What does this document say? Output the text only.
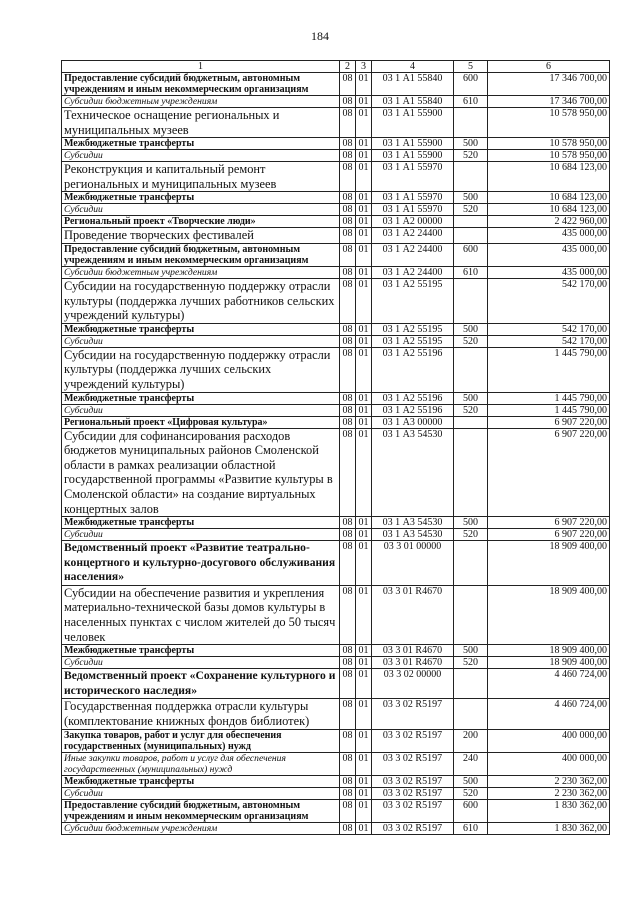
184
1	2	3	4	5	6
Предоставление субсидий бюджетным, автономным учреждениям и иным некоммерческим организациям	08	01	03 1 А1 55840	600	17 346 700,00
Субсидии бюджетным учреждениям	08	01	03 1 А1 55840	610	17 346 700,00
Техническое оснащение региональных и муниципальных музеев	08	01	03 1 А1 55900		10 578 950,00
Межбюджетные трансферты	08	01	03 1 А1 55900	500	10 578 950,00
Субсидии	08	01	03 1 А1 55900	520	10 578 950,00
Реконструкция и капитальный ремонт региональных и муниципальных музеев	08	01	03 1 А1 55970		10 684 123,00
Межбюджетные трансферты	08	01	03 1 А1 55970	500	10 684 123,00
Субсидии	08	01	03 1 А1 55970	520	10 684 123,00
Региональный проект «Творческие люди»	08	01	03 1 А2 00000		2 422 960,00
Проведение творческих фестивалей	08	01	03 1 А2 24400		435 000,00
Предоставление субсидий бюджетным, автономным учреждениям и иным некоммерческим организациям	08	01	03 1 А2 24400	600	435 000,00
Субсидии бюджетным учреждениям	08	01	03 1 А2 24400	610	435 000,00
Субсидии на государственную поддержку отрасли культуры (поддержка лучших работников сельских учреждений культуры)	08	01	03 1 А2 55195		542 170,00
Межбюджетные трансферты	08	01	03 1 А2 55195	500	542 170,00
Субсидии	08	01	03 1 А2 55195	520	542 170,00
Субсидии на государственную поддержку отрасли культуры (поддержка лучших сельских учреждений культуры)	08	01	03 1 А2 55196		1 445 790,00
Межбюджетные трансферты	08	01	03 1 А2 55196	500	1 445 790,00
Субсидии	08	01	03 1 А2 55196	520	1 445 790,00
Региональный проект «Цифровая культура»	08	01	03 1 А3 00000		6 907 220,00
Субсидии для софинансирования расходов бюджетов муниципальных районов Смоленской области в рамках реализации областной государственной программы «Развитие культуры в Смоленской области» на создание виртуальных концертных залов	08	01	03 1 А3 54530		6 907 220,00
Межбюджетные трансферты	08	01	03 1 А3 54530	500	6 907 220,00
Субсидии	08	01	03 1 А3 54530	520	6 907 220,00
Ведомственный проект «Развитие театрально-концертного и культурно-досугового обслуживания населения»	08	01	03 3 01 00000		18 909 400,00
Субсидии на обеспечение развития и укрепления материально-технической базы домов культуры в населенных пунктах с числом жителей до 50 тысяч человек	08	01	03 3 01 R4670		18 909 400,00
Межбюджетные трансферты	08	01	03 3 01 R4670	500	18 909 400,00
Субсидии	08	01	03 3 01 R4670	520	18 909 400,00
Ведомственный проект «Сохранение культурного и исторического наследия»	08	01	03 3 02 00000		4 460 724,00
Государственная поддержка отрасли культуры (комплектование книжных фондов библиотек)	08	01	03 3 02 R5197		4 460 724,00
Закупка товаров, работ и услуг для обеспечения государственных (муниципальных) нужд	08	01	03 3 02 R5197	200	400 000,00
Иные закупки товаров, работ и услуг для обеспечения государственных (муниципальных) нужд	08	01	03 3 02 R5197	240	400 000,00
Межбюджетные трансферты	08	01	03 3 02 R5197	500	2 230 362,00
Субсидии	08	01	03 3 02 R5197	520	2 230 362,00
Предоставление субсидий бюджетным, автономным учреждениям и иным некоммерческим организациям	08	01	03 3 02 R5197	600	1 830 362,00
Субсидии бюджетным учреждениям	08	01	03 3 02 R5197	610	1 830 362,00
